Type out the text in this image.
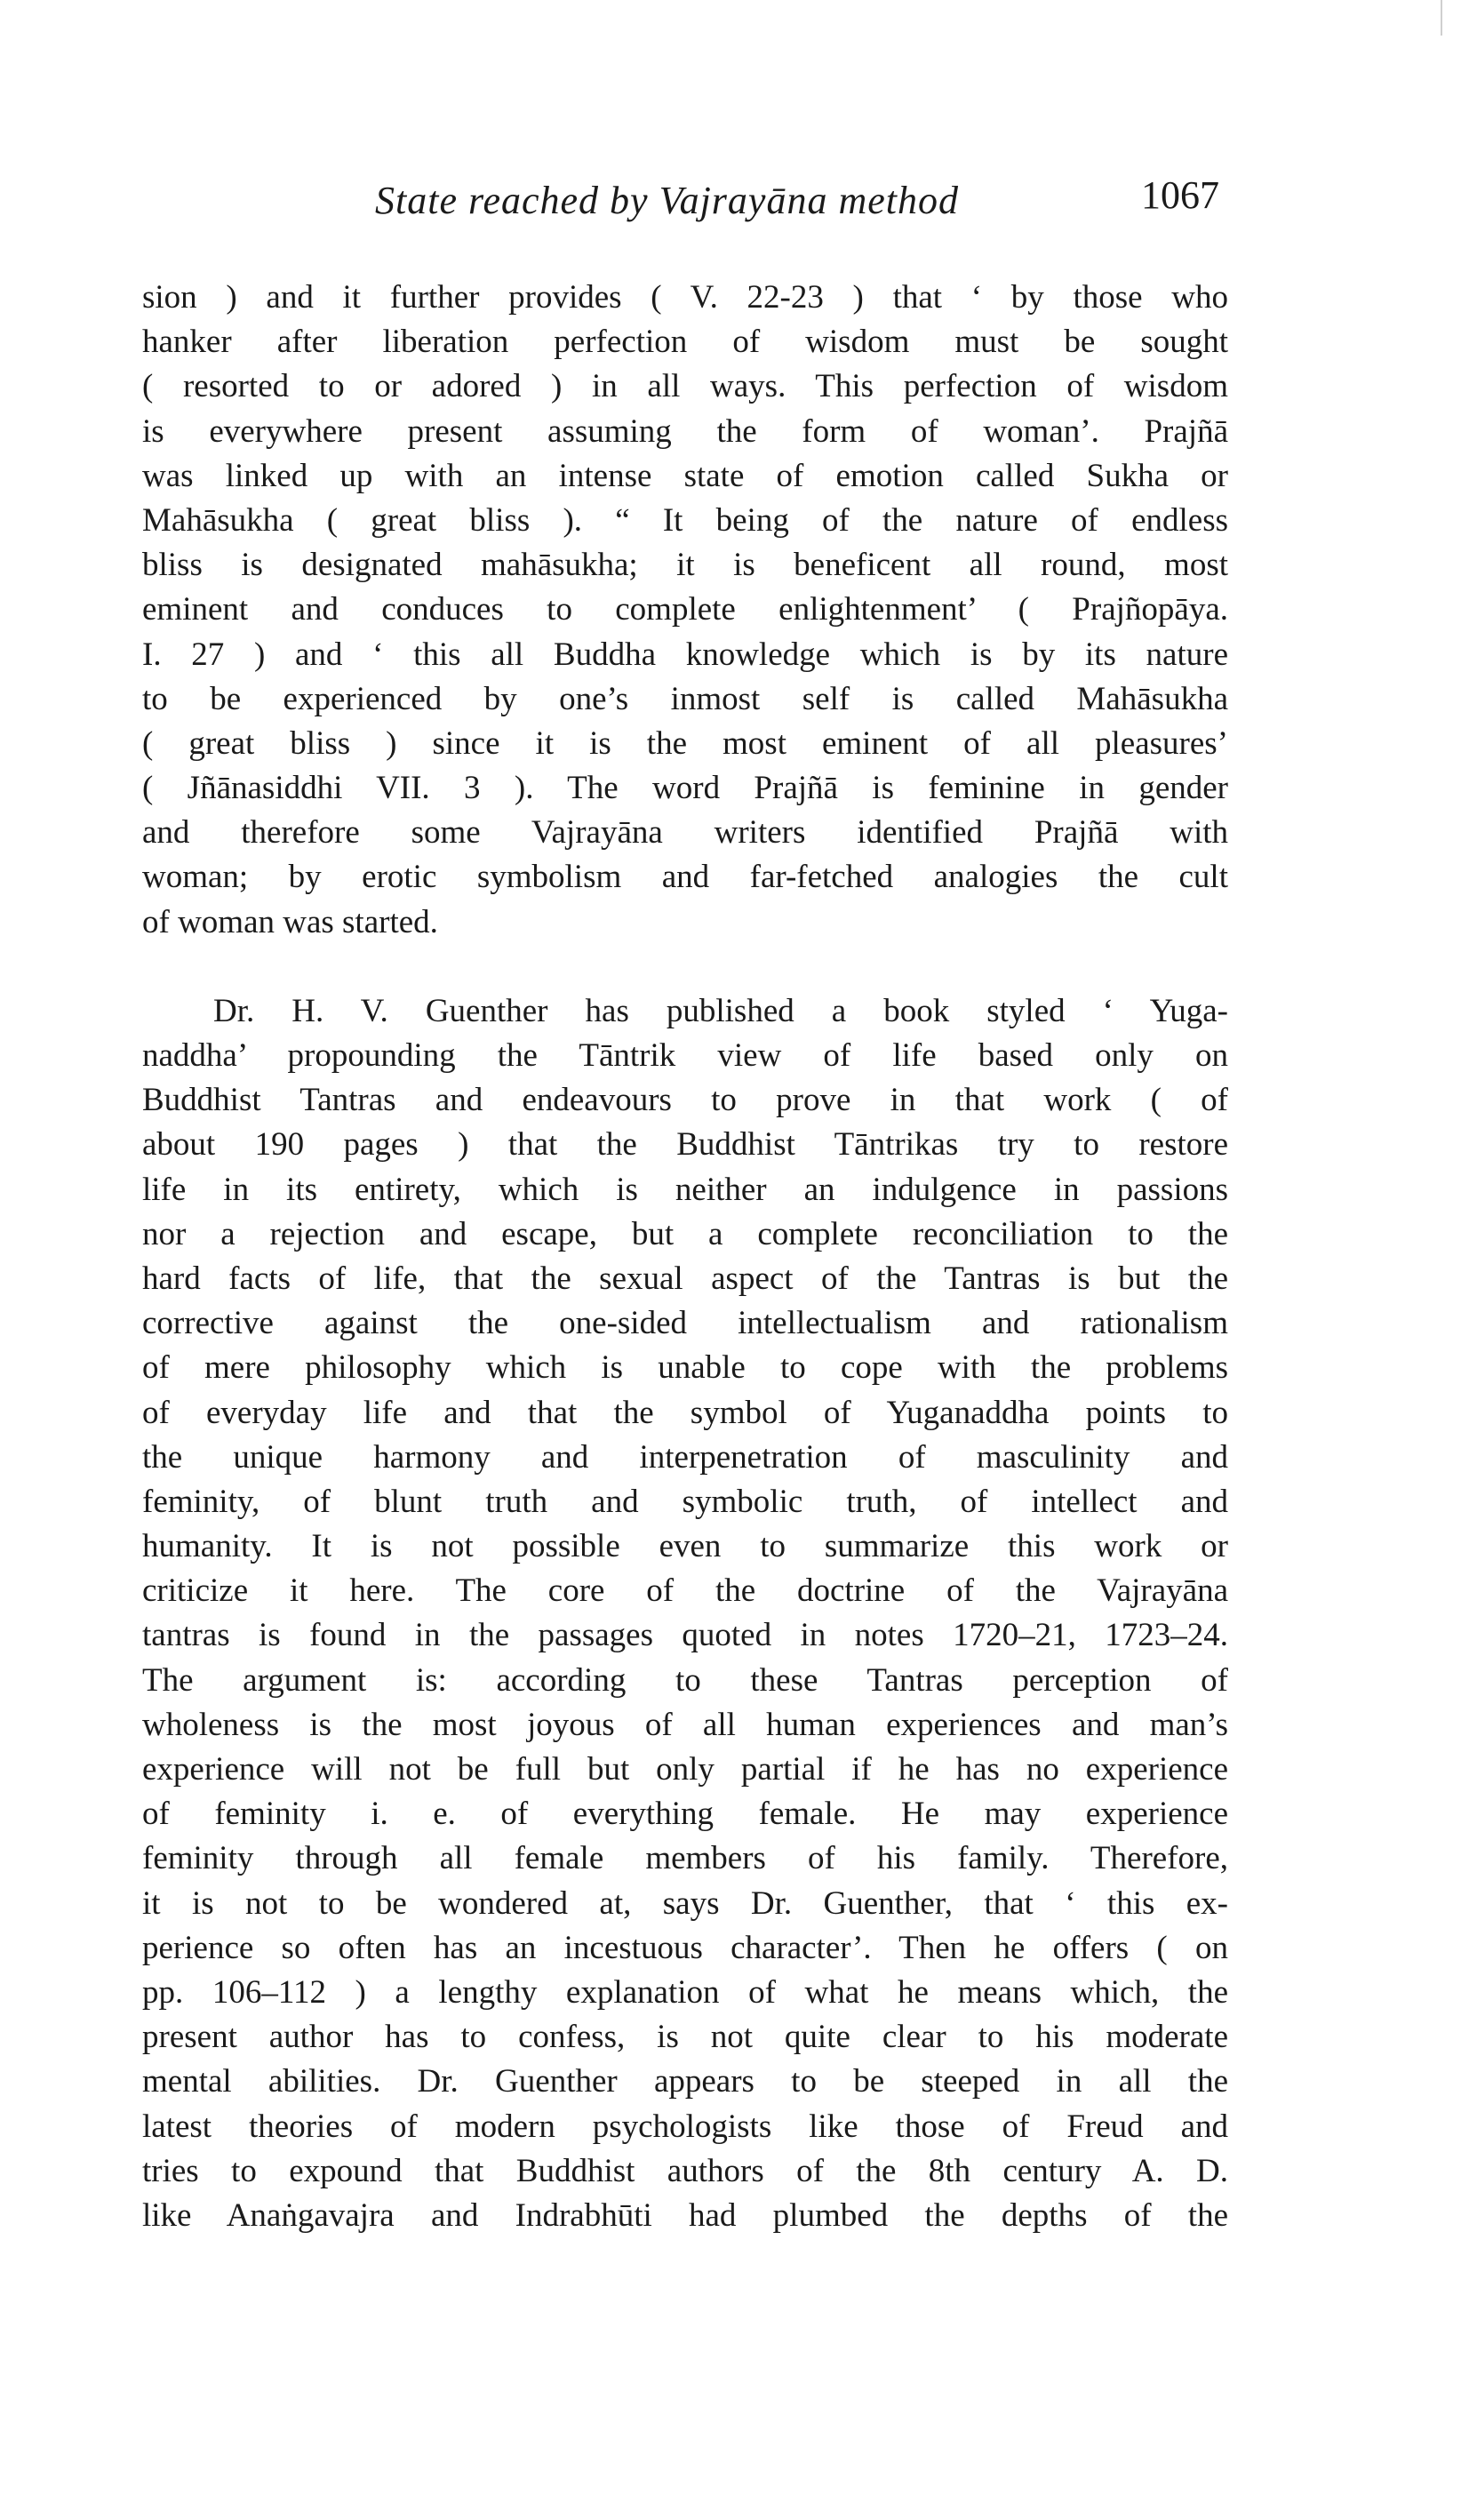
State reached by Vajrayāna method	1067
sion ) and it further provides ( V. 22-23 ) that ‘ by those who
hanker after liberation perfection of wisdom must be sought
( resorted to or adored ) in all ways. This perfection of wisdom
is everywhere present assuming the form of woman’. Prajñā
was linked up with an intense state of emotion called Sukha or
Mahāsukha ( great bliss ). “ It being of the nature of endless
bliss is designated mahāsukha; it is beneficent all round, most
eminent and conduces to complete enlightenment’ ( Prajñopāya.
I. 27 ) and ‘ this all Buddha knowledge which is by its nature
to be experienced by one’s inmost self is called Mahāsukha
( great bliss ) since it is the most eminent of all pleasures’
( Jñānasiddhi VII. 3 ). The word Prajñā is feminine in gender
and therefore some Vajrayāna writers identified Prajñā with
woman; by erotic symbolism and far-fetched analogies the cult
of woman was started.
Dr. H. V. Guenther has published a book styled ‘ Yuga-
naddha’ propounding the Tāntrik view of life based only on
Buddhist Tantras and endeavours to prove in that work ( of
about 190 pages ) that the Buddhist Tāntrikas try to restore
life in its entirety, which is neither an indulgence in passions
nor a rejection and escape, but a complete reconciliation to the
hard facts of life, that the sexual aspect of the Tantras is but the
corrective against the one-sided intellectualism and rationalism
of mere philosophy which is unable to cope with the problems
of everyday life and that the symbol of Yuganaddha points to
the unique harmony and interpenetration of masculinity and
feminity, of blunt truth and symbolic truth, of intellect and
humanity. It is not possible even to summarize this work or
criticize it here. The core of the doctrine of the Vajrayāna
tantras is found in the passages quoted in notes 1720–21, 1723–24.
The argument is: according to these Tantras perception of
wholeness is the most joyous of all human experiences and man’s
experience will not be full but only partial if he has no experience
of feminity i. e. of everything female. He may experience
feminity through all female members of his family. Therefore,
it is not to be wondered at, says Dr. Guenther, that ‘ this ex-
perience so often has an incestuous character’. Then he offers ( on
pp. 106–112 ) a lengthy explanation of what he means which, the
present author has to confess, is not quite clear to his moderate
mental abilities. Dr. Guenther appears to be steeped in all the
latest theories of modern psychologists like those of Freud and
tries to expound that Buddhist authors of the 8th century A. D.
like Anaṅgavajra and Indrabhūti had plumbed the depths of the
